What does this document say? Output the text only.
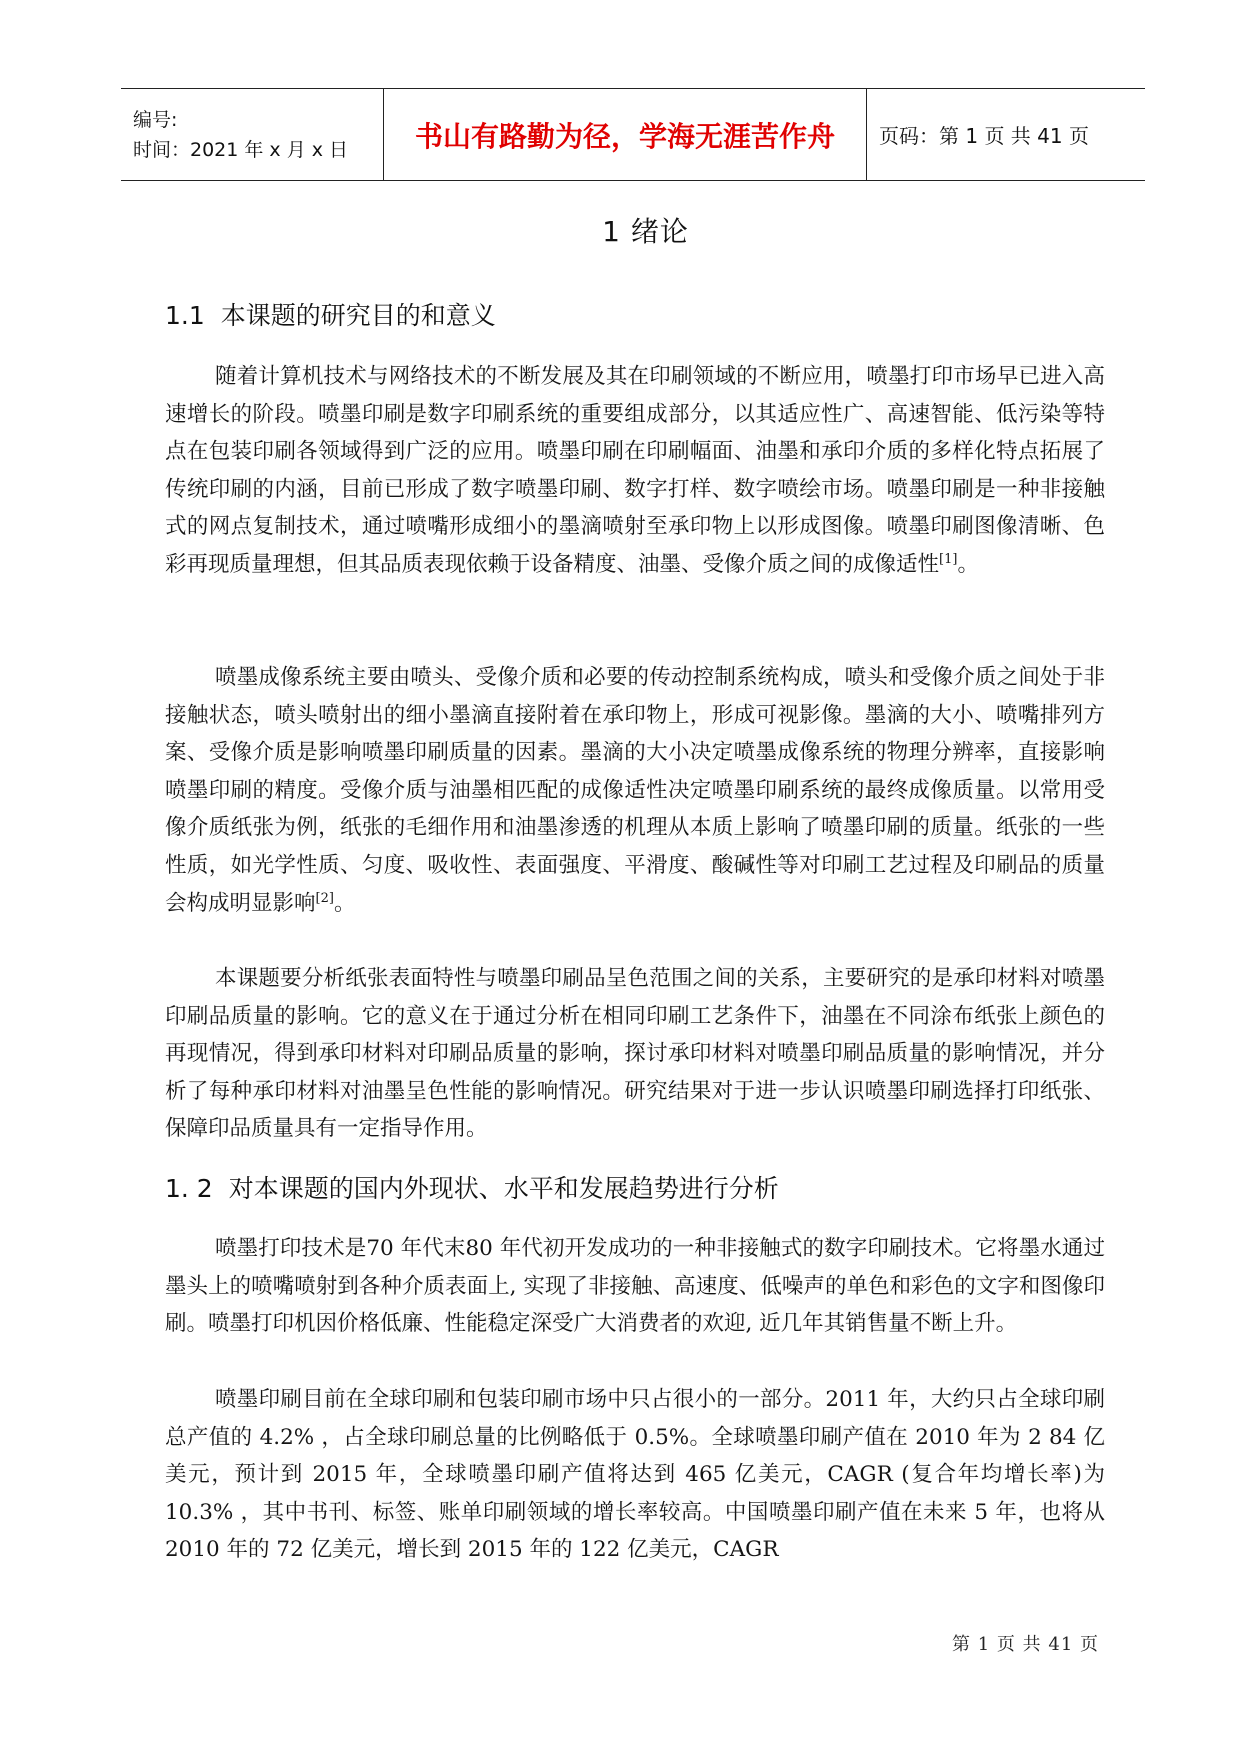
编号:
时间：2021 年 x 月 x 日 书山有路勤为径，学海无涯苦作舟 页码：第 1 页 共 41 页
1 绪论
1.1 本课题的研究目的和意义

随着计算机技术与网络技术的不断发展及其在印刷领域的不断应用，喷墨打印市场早已进入高速增长的阶段。喷墨印刷是数字印刷系统的重要组成部分，以其适应性广、高速智能、低污染等特点在包装印刷各领域得到广泛的应用。喷墨印刷在印刷幅面、油墨和承印介质的多样化特点拓展了传统印刷的内涵，目前已形成了数字喷墨印刷、数字打样、数字喷绘市场。喷墨印刷是一种非接触式的网点复制技术，通过喷嘴形成细小的墨滴喷射至承印物上以形成图像。喷墨印刷图像清晰、色彩再现质量理想，但其品质表现依赖于设备精度、油墨、受像介质之间的成像适性[1]。

喷墨成像系统主要由喷头、受像介质和必要的传动控制系统构成，喷头和受像介质之间处于非接触状态，喷头喷射出的细小墨滴直接附着在承印物上，形成可视影像。墨滴的大小、喷嘴排列方案、受像介质是影响喷墨印刷质量的因素。墨滴的大小决定喷墨成像系统的物理分辨率，直接影响喷墨印刷的精度。受像介质与油墨相匹配的成像适性决定喷墨印刷系统的最终成像质量。以常用受像介质纸张为例，纸张的毛细作用和油墨渗透的机理从本质上影响了喷墨印刷的质量。纸张的一些性质，如光学性质、匀度、吸收性、表面强度、平滑度、酸碱性等对印刷工艺过程及印刷品的质量会构成明显影响[2]。

本课题要分析纸张表面特性与喷墨印刷品呈色范围之间的关系，主要研究的是承印材料对喷墨印刷品质量的影响。它的意义在于通过分析在相同印刷工艺条件下，油墨在不同涂布纸张上颜色的再现情况，得到承印材料对印刷品质量的影响，探讨承印材料对喷墨印刷品质量的影响情况，并分析了每种承印材料对油墨呈色性能的影响情况。研究结果对于进一步认识喷墨印刷选择打印纸张、保障印品质量具有一定指导作用。

1. 2 对本课题的国内外现状、水平和发展趋势进行分析

喷墨打印技术是70 年代末80 年代初开发成功的一种非接触式的数字印刷技术。它将墨水通过墨头上的喷嘴喷射到各种介质表面上, 实现了非接触、高速度、低噪声的单色和彩色的文字和图像印刷。喷墨打印机因价格低廉、性能稳定深受广大消费者的欢迎, 近几年其销售量不断上升。

喷墨印刷目前在全球印刷和包装印刷市场中只占很小的一部分。2011 年，大约只占全球印刷总产值的 4.2% ，占全球印刷总量的比例略低于 0.5%。全球喷墨印刷产值在 2010 年为 2 84 亿美元，预计到 2015 年，全球喷墨印刷产值将达到 465 亿美元，CAGR (复合年均增长率)为 10.3% ，其中书刊、标签、账单印刷领域的增长率较高。中国喷墨印刷产值在未来 5 年，也将从 2010 年的 72 亿美元，增长到 2015 年的 122 亿美元，CAGR

第 1 页 共 41 页
